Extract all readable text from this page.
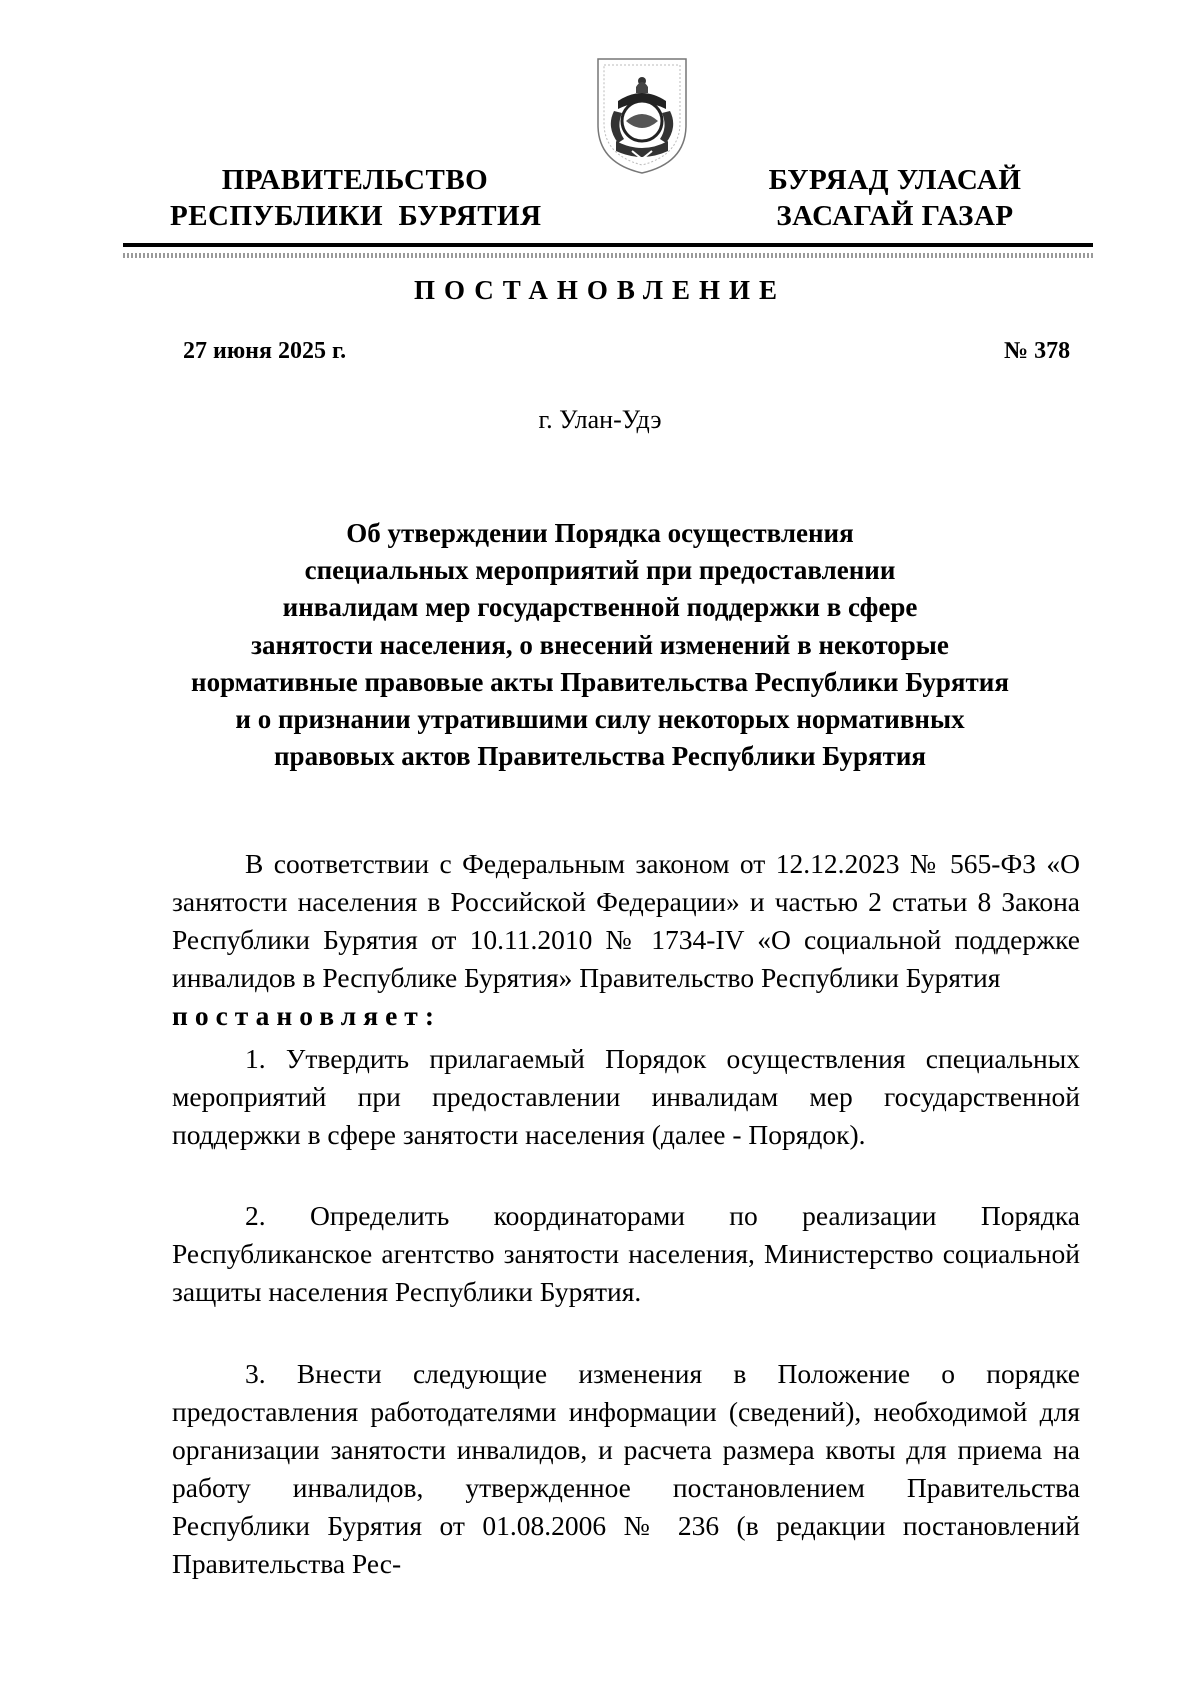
ПРАВИТЕЛЬСТВО
РЕСПУБЛИКИ  БУРЯТИЯ
БУРЯАД УЛАСАЙ
ЗАСАГАЙ ГАЗАР
ПОСТАНОВЛЕНИЕ
27 июня 2025 г.	№ 378
г. Улан-Удэ
Об утверждении Порядка осуществления
специальных мероприятий при предоставлении
инвалидам мер государственной поддержки в сфере
занятости населения, о внесений изменений в некоторые
нормативные правовые акты Правительства Республики Бурятия
и о признании утратившими силу некоторых нормативных
правовых актов Правительства Республики Бурятия

В соответствии с Федеральным законом от 12.12.2023 № 565-ФЗ «О занятости населения в Российской Федерации» и частью 2 статьи 8 Закона Республики Бурятия от 10.11.2010 № 1734-IV «О социальной поддержке инвалидов в Республике Бурятия» Правительство Республики Бурятия
постановляет:

1. Утвердить прилагаемый Порядок осуществления специальных мероприятий при предоставлении инвалидам мер государственной поддержки в сфере занятости населения (далее - Порядок).

2. Определить координаторами по реализации Порядка Республиканское агентство занятости населения, Министерство социальной защиты населения Республики Бурятия.

3. Внести следующие изменения в Положение о порядке предоставления работодателями информации (сведений), необходимой для организации занятости инвалидов, и расчета размера квоты для приема на работу инвалидов, утвержденное постановлением Правительства Республики Бурятия от 01.08.2006 № 236 (в редакции постановлений Правительства Рес-
